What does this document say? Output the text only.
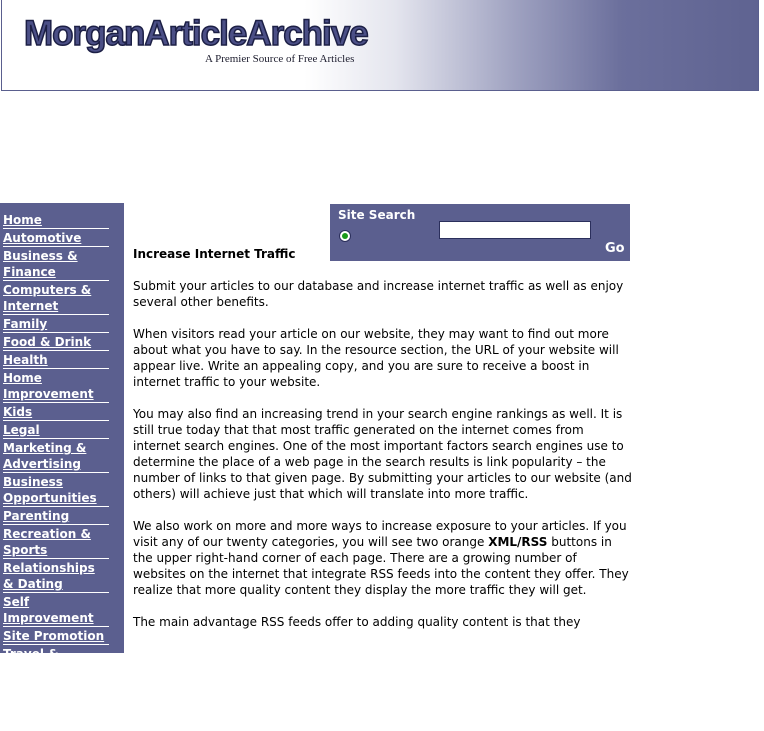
MorganArticleArchive
A Premier Source of Free Articles
Home
Automotive
Business & Finance
Computers & Internet
Family
Food & Drink
Health
Home Improvement
Kids
Legal
Marketing & Advertising
Business Opportunities
Parenting
Recreation & Sports
Relationships & Dating
Self Improvement
Site Promotion
Travel & Leisure
Web Development
Women
Site Search
Go
Increase Internet Traffic

Submit your articles to our database and increase internet traffic as well as enjoy several other benefits.

When visitors read your article on our website, they may want to find out more about what you have to say. In the resource section, the URL of your website will appear live. Write an appealing copy, and you are sure to receive a boost in internet traffic to your website.

You may also find an increasing trend in your search engine rankings as well. It is still true today that that most traffic generated on the internet comes from internet search engines. One of the most important factors search engines use to determine the place of a web page in the search results is link popularity – the number of links to that given page. By submitting your articles to our website (and others) will achieve just that which will translate into more traffic.

We also work on more and more ways to increase exposure to your articles. If you visit any of our twenty categories, you will see two orange XML/RSS buttons in the upper right-hand corner of each page. There are a growing number of websites on the internet that integrate RSS feeds into the content they offer. They realize that more quality content they display the more traffic they will get.

The main advantage RSS feeds offer to adding quality content is that they
